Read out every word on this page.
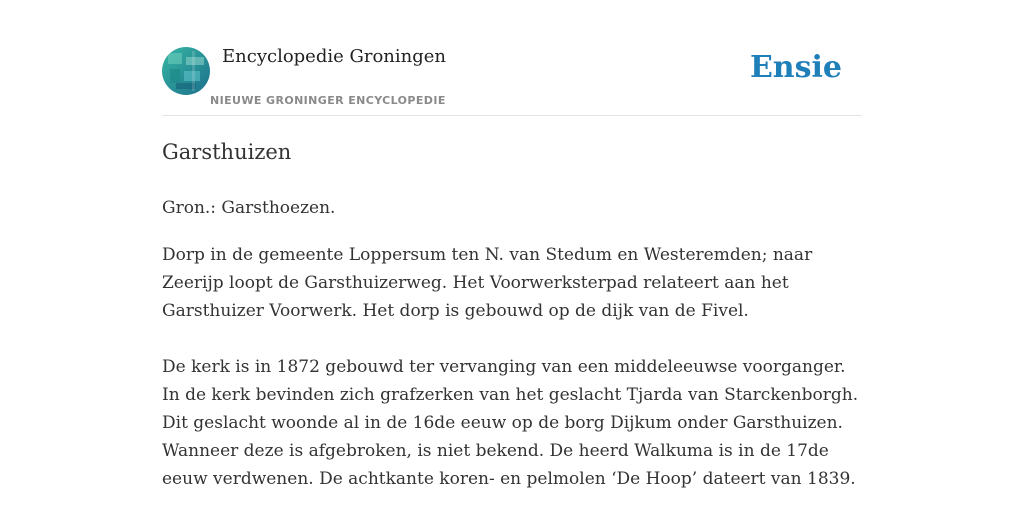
Encyclopedie Groningen
NIEUWE GRONINGER ENCYCLOPEDIE
Ensie
Garsthuizen

Gron.: Garsthoezen.

Dorp in de gemeente Loppersum ten N. van Stedum en Westeremden; naar Zeerijp loopt de Garsthuizerweg. Het Voorwerksterpad relateert aan het Garsthuizer Voorwerk. Het dorp is gebouwd op de dijk van de Fivel.

De kerk is in 1872 gebouwd ter vervanging van een middeleeuwse voorganger. In de kerk bevinden zich grafzerken van het geslacht Tjarda van Starckenborgh. Dit geslacht woonde al in de 16de eeuw op de borg Dijkum onder Garsthuizen. Wanneer deze is afgebroken, is niet bekend. De heerd Walkuma is in de 17de eeuw verdwenen. De achtkante koren- en pelmolen ‘De Hoop’ dateert van 1839.
